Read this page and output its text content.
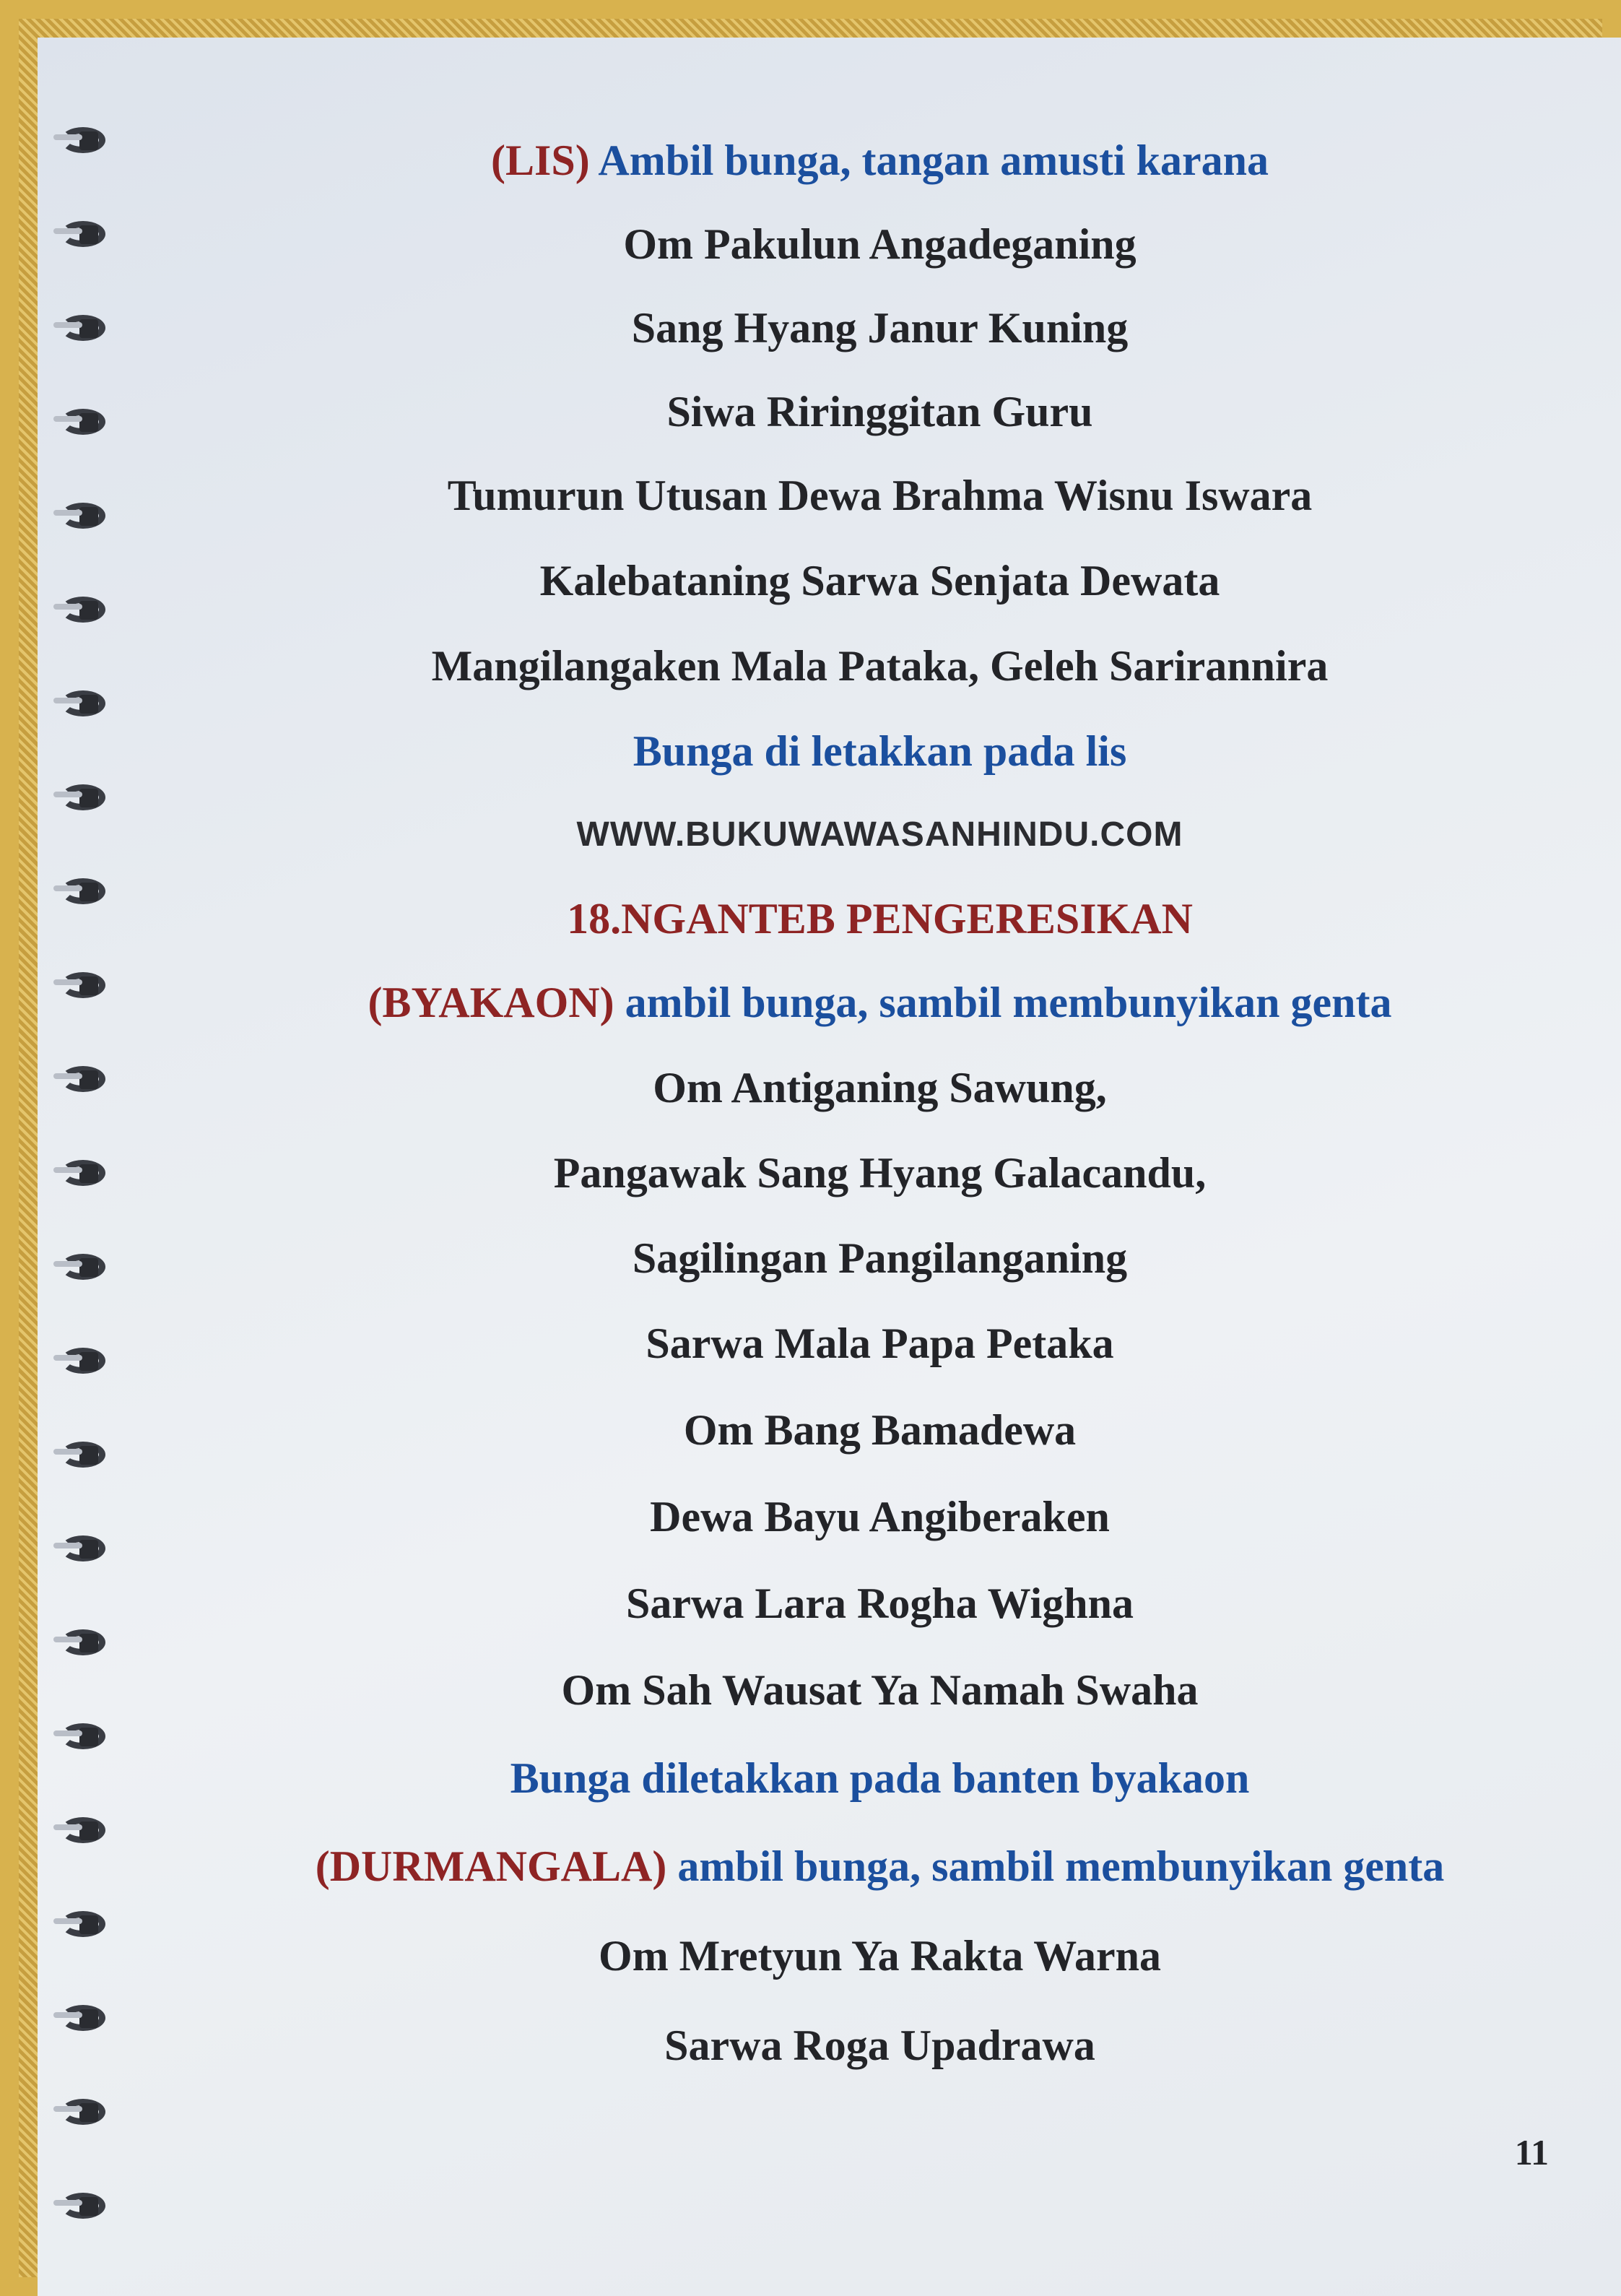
(LIS) Ambil bunga, tangan amusti karana
Om Pakulun Angadeganing
Sang Hyang Janur Kuning
Siwa Riringgitan Guru
Tumurun Utusan Dewa Brahma Wisnu Iswara
Kalebataning Sarwa Senjata Dewata
Mangilangaken Mala Pataka, Geleh Sarirannira
Bunga di letakkan pada lis
WWW.BUKUWAWASANHINDU.COM
18.NGANTEB PENGERESIKAN
(BYAKAON) ambil bunga, sambil membunyikan genta
Om Antiganing Sawung,
Pangawak Sang Hyang Galacandu,
Sagilingan Pangilanganing
Sarwa Mala Papa Petaka
Om Bang Bamadewa
Dewa Bayu Angiberaken
Sarwa Lara Rogha Wighna
Om Sah Wausat Ya Namah Swaha
Bunga diletakkan pada banten byakaon
(DURMANGALA) ambil bunga, sambil membunyikan genta
Om Mretyun Ya Rakta Warna
Sarwa Roga Upadrawa
11
